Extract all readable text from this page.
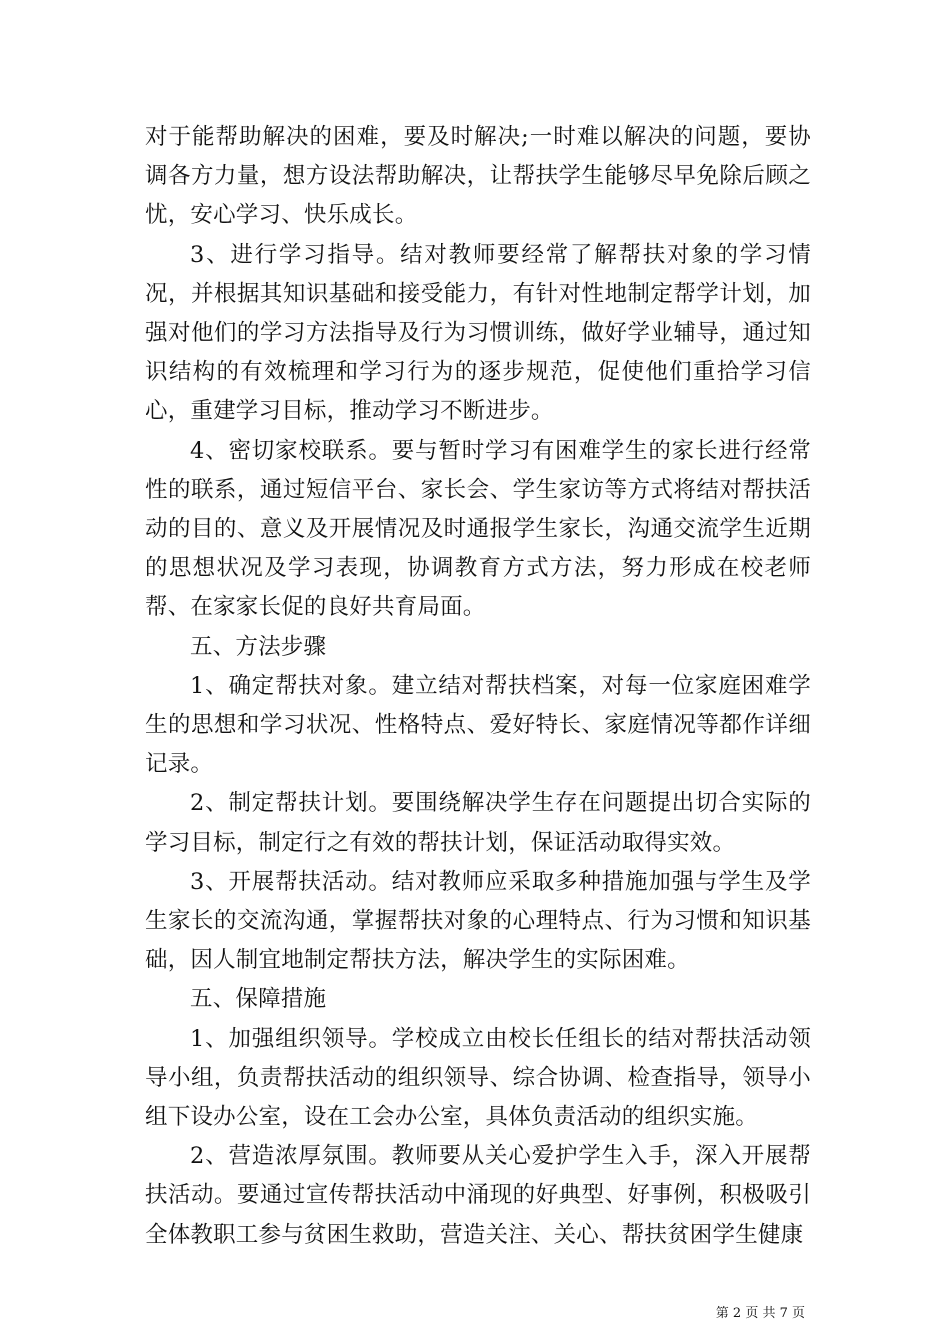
对于能帮助解决的困难，要及时解决;一时难以解决的问题，要协调各方力量，想方设法帮助解决，让帮扶学生能够尽早免除后顾之忧，安心学习、快乐成长。

3、进行学习指导。结对教师要经常了解帮扶对象的学习情况，并根据其知识基础和接受能力，有针对性地制定帮学计划，加强对他们的学习方法指导及行为习惯训练，做好学业辅导，通过知识结构的有效梳理和学习行为的逐步规范，促使他们重拾学习信心，重建学习目标，推动学习不断进步。

4、密切家校联系。要与暂时学习有困难学生的家长进行经常性的联系，通过短信平台、家长会、学生家访等方式将结对帮扶活动的目的、意义及开展情况及时通报学生家长，沟通交流学生近期的思想状况及学习表现，协调教育方式方法，努力形成在校老师帮、在家家长促的良好共育局面。

五、方法步骤

1、确定帮扶对象。建立结对帮扶档案，对每一位家庭困难学生的思想和学习状况、性格特点、爱好特长、家庭情况等都作详细记录。

2、制定帮扶计划。要围绕解决学生存在问题提出切合实际的学习目标，制定行之有效的帮扶计划，保证活动取得实效。

3、开展帮扶活动。结对教师应采取多种措施加强与学生及学生家长的交流沟通，掌握帮扶对象的心理特点、行为习惯和知识基础，因人制宜地制定帮扶方法，解决学生的实际困难。

五、保障措施

1、加强组织领导。学校成立由校长任组长的结对帮扶活动领导小组，负责帮扶活动的组织领导、综合协调、检查指导，领导小组下设办公室，设在工会办公室，具体负责活动的组织实施。

2、营造浓厚氛围。教师要从关心爱护学生入手，深入开展帮扶活动。要通过宣传帮扶活动中涌现的好典型、好事例，积极吸引全体教职工参与贫困生救助，营造关注、关心、帮扶贫困学生健康

第 2 页 共 7 页
